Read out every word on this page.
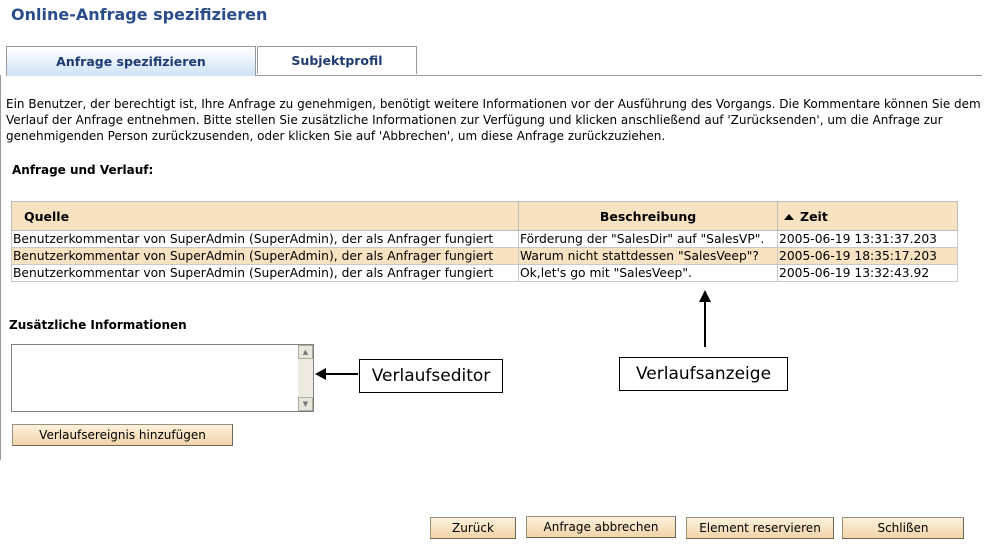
Online-Anfrage spezifizieren
Anfrage spezifizieren	Subjektprofil

Ein Benutzer, der berechtigt ist, Ihre Anfrage zu genehmigen, benötigt weitere Informationen vor der Ausführung des Vorgangs. Die Kommentare können Sie dem Verlauf der Anfrage entnehmen. Bitte stellen Sie zusätzliche Informationen zur Verfügung und klicken anschließend auf 'Zurücksenden', um die Anfrage zur genehmigenden Person zurückzusenden, oder klicken Sie auf 'Abbrechen', um diese Anfrage zurückzuziehen.

Anfrage und Verlauf:
Quelle	Beschreibung	Zeit
Benutzerkommentar von SuperAdmin (SuperAdmin), der als Anfrager fungiert	Förderung der "SalesDir" auf "SalesVP".	2005-06-19 13:31:37.203
Benutzerkommentar von SuperAdmin (SuperAdmin), der als Anfrager fungiert	Warum nicht stattdessen "SalesVeep"?	2005-06-19 18:35:17.203
Benutzerkommentar von SuperAdmin (SuperAdmin), der als Anfrager fungiert	Ok,let's go mit "SalesVeep".	2005-06-19 13:32:43.92
Zusätzliche Informationen
▲
▼
Verlaufsereignis hinzufügen
Verlaufseditor	Verlaufsanzeige
Zurück	Anfrage abbrechen	Element reservieren	Schlißen
